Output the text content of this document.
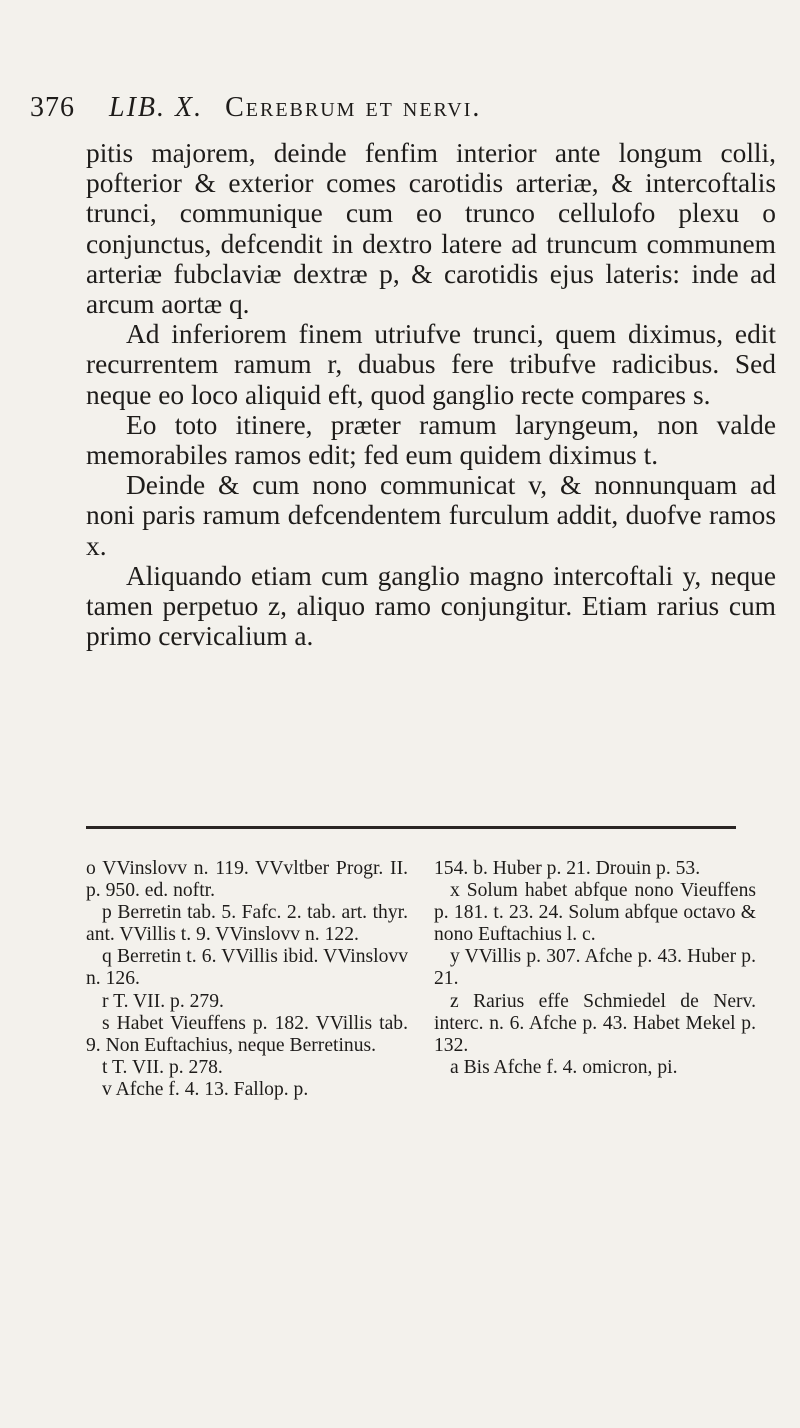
376 LIB. X. Cerebrum et nervi.

pitis majorem, deinde fenfim interior ante longum colli, pofterior & exterior comes carotidis arteriæ, & intercoftalis trunci, communique cum eo trunco cellulofo plexu o conjunctus, defcendit in dextro latere ad truncum communem arteriæ fubclaviæ dextræ p, & carotidis ejus lateris: inde ad arcum aortæ q.

Ad inferiorem finem utriufve trunci, quem diximus, edit recurrentem ramum r, duabus fere tribufve radicibus. Sed neque eo loco aliquid eft, quod ganglio recte compares s.

Eo toto itinere, præter ramum laryngeum, non valde memorabiles ramos edit; fed eum quidem diximus t.

Deinde & cum nono communicat v, & nonnunquam ad noni paris ramum defcendentem furculum addit, duofve ramos x.

Aliquando etiam cum ganglio magno intercoftali y, neque tamen perpetuo z, aliquo ramo conjungitur. Etiam rarius cum primo cervicalium a.

o VVinslovv n. 119. VVvltber Progr. II. p. 950. ed. noftr.

p Berretin tab. 5. Fafc. 2. tab. art. thyr. ant. VVillis t. 9. VVinslovv n. 122.

q Berretin t. 6. VVillis ibid. VVinslovv n. 126.

r T. VII. p. 279.

s Habet Vieuffens p. 182. VVillis tab. 9. Non Euftachius, neque Berretinus.

t T. VII. p. 278.

v Afche f. 4. 13. Fallop. p.

154. b. Huber p. 21. Drouin p. 53.

x Solum habet abfque nono Vieuffens p. 181. t. 23. 24. Solum abfque octavo & nono Euftachius l. c.

y VVillis p. 307. Afche p. 43. Huber p. 21.

z Rarius effe Schmiedel de Nerv. interc. n. 6. Afche p. 43. Habet Mekel p. 132.

a Bis Afche f. 4. omicron, pi.
